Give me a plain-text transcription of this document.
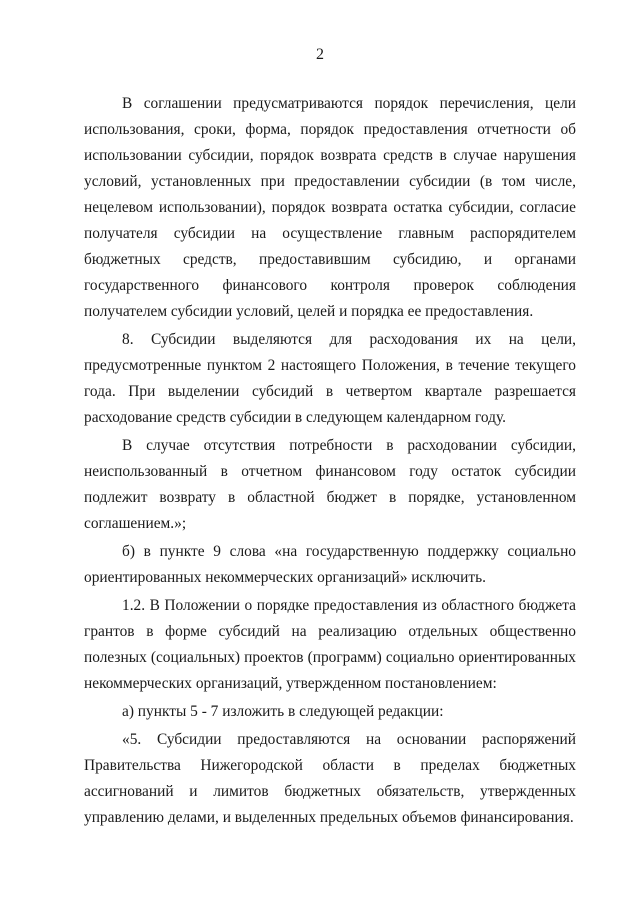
2

В соглашении предусматриваются порядок перечисления, цели использования, сроки, форма, порядок предоставления отчетности об использовании субсидии, порядок возврата средств в случае нарушения условий, установленных при предоставлении субсидии (в том числе, нецелевом использовании), порядок возврата остатка субсидии, согласие получателя субсидии на осуществление главным распорядителем бюджетных средств, предоставившим субсидию, и органами государственного финансового контроля проверок соблюдения получателем субсидии условий, целей и порядка ее предоставления.

8. Субсидии выделяются для расходования их на цели, предусмотренные пунктом 2 настоящего Положения, в течение текущего года. При выделении субсидий в четвертом квартале разрешается расходование средств субсидии в следующем календарном году.

В случае отсутствия потребности в расходовании субсидии, неиспользованный в отчетном финансовом году остаток субсидии подлежит возврату в областной бюджет в порядке, установленном соглашением.»;

б) в пункте 9 слова «на государственную поддержку социально ориентированных некоммерческих организаций» исключить.

1.2. В Положении о порядке предоставления из областного бюджета грантов в форме субсидий на реализацию отдельных общественно полезных (социальных) проектов (программ) социально ориентированных некоммерческих организаций, утвержденном постановлением:

а) пункты 5 - 7 изложить в следующей редакции:

«5. Субсидии предоставляются на основании распоряжений Правительства Нижегородской области в пределах бюджетных ассигнований и лимитов бюджетных обязательств, утвержденных управлению делами, и выделенных предельных объемов финансирования.
